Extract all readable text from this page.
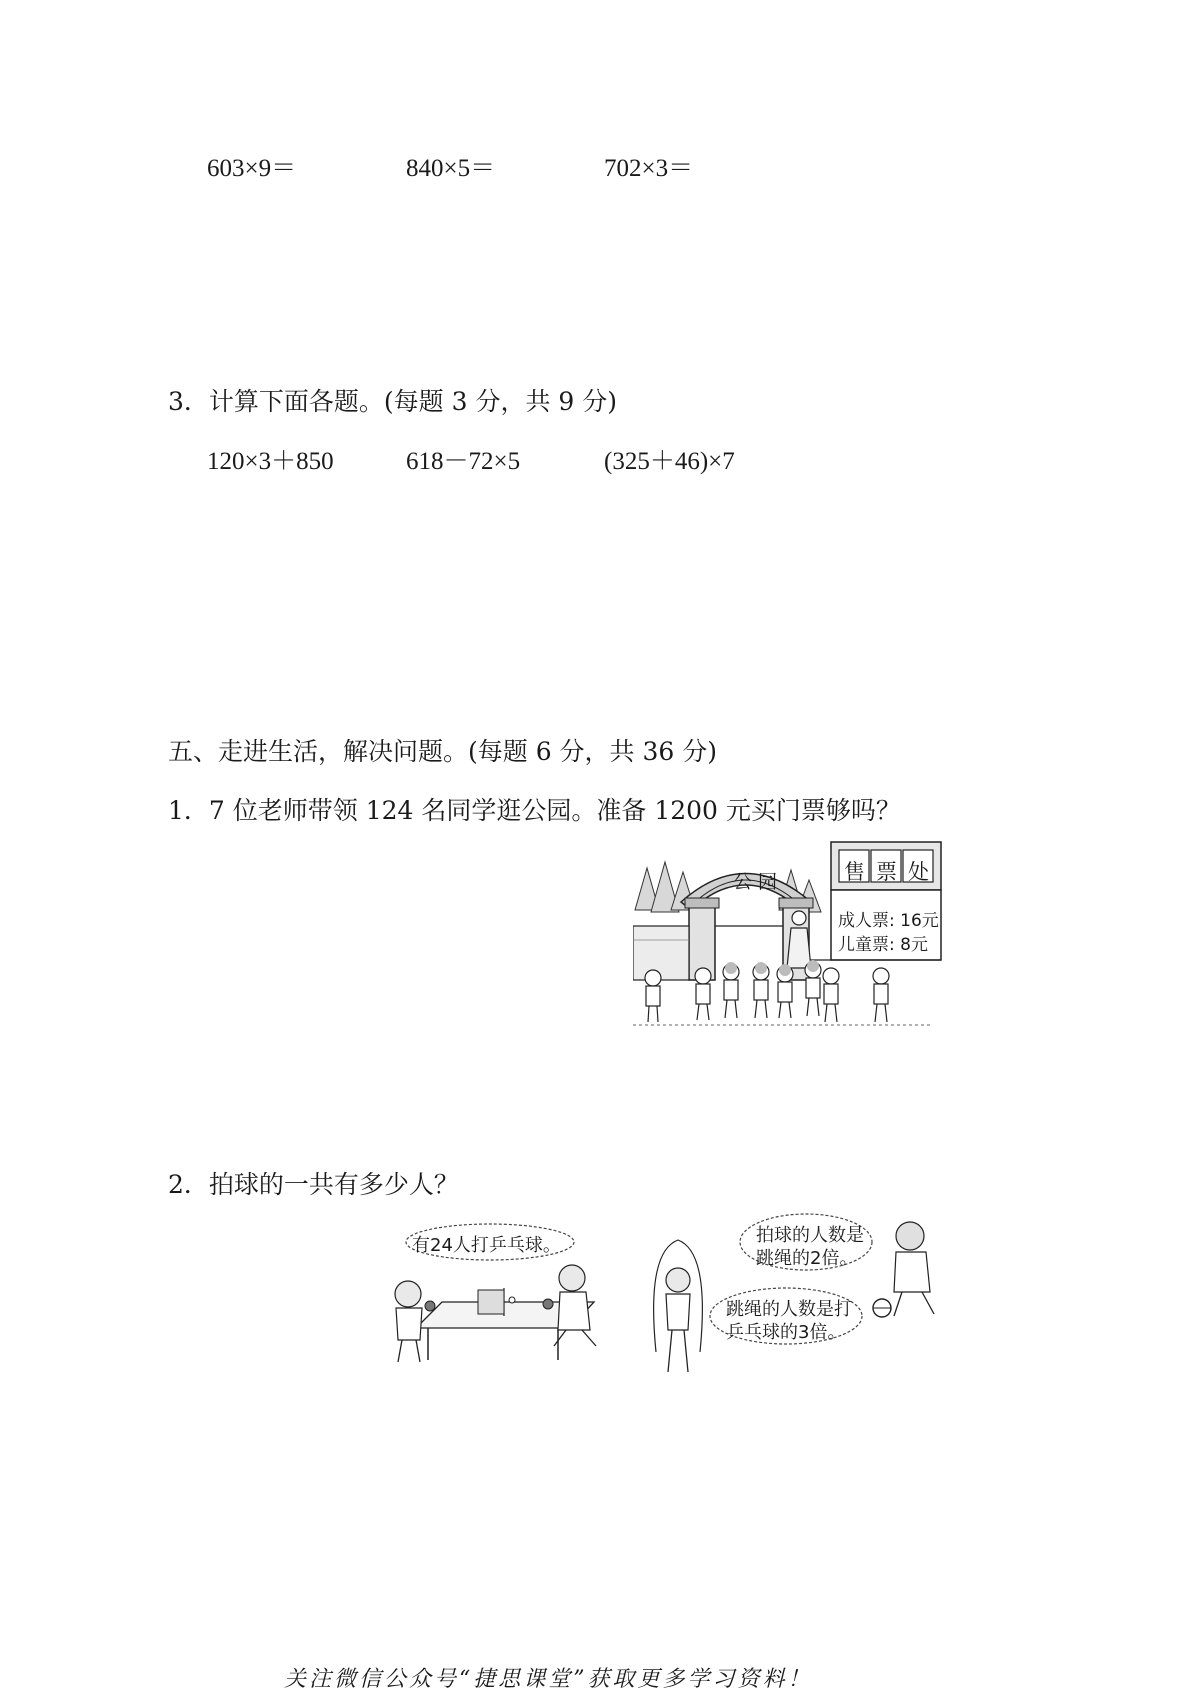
603×9＝	840×5＝	702×3＝
3．计算下面各题。(每题 3 分，共 9 分)
120×3＋850	618－72×5	(325＋46)×7
五、走进生活，解决问题。(每题 6 分，共 36 分)
1．7 位老师带领 124 名同学逛公园。准备 1200 元买门票够吗？
公 园	售 票 处
成人票: 16元
儿童票: 8元
2．拍球的一共有多少人？
有24人打乒乓球。	拍球的人数是
跳绳的2倍。
跳绳的人数是打
乒乓球的3倍。
关注微信公众号“捷思课堂”获取更多学习资料！
